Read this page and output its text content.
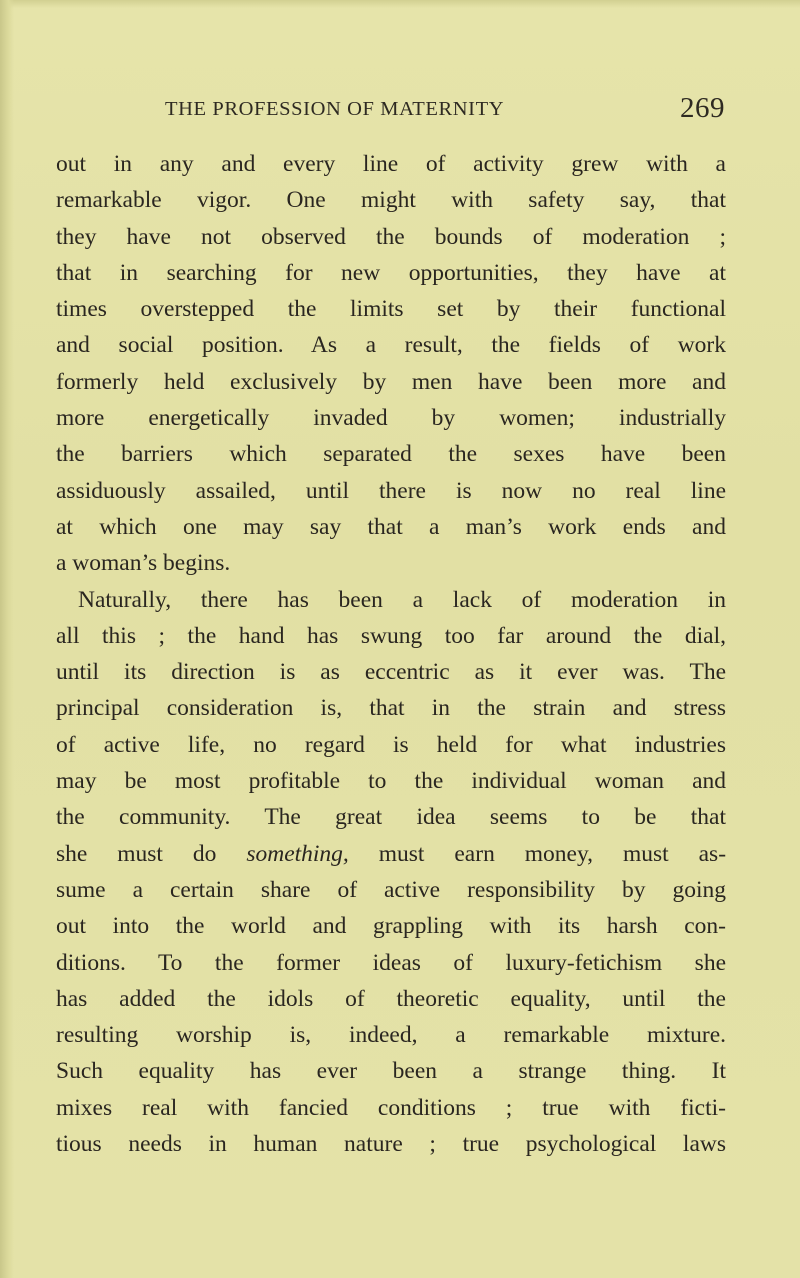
THE PROFESSION OF MATERNITY	269
out in any and every line of activity grew with a
remarkable vigor. One might with safety say, that
they have not observed the bounds of moderation ;
that in searching for new opportunities, they have at
times overstepped the limits set by their functional
and social position. As a result, the fields of work
formerly held exclusively by men have been more and
more energetically invaded by women; industrially
the barriers which separated the sexes have been
assiduously assailed, until there is now no real line
at which one may say that a man’s work ends and
a woman’s begins.
Naturally, there has been a lack of moderation in
all this ; the hand has swung too far around the dial,
until its direction is as eccentric as it ever was. The
principal consideration is, that in the strain and stress
of active life, no regard is held for what industries
may be most profitable to the individual woman and
the community. The great idea seems to be that
she must do something, must earn money, must as-
sume a certain share of active responsibility by going
out into the world and grappling with its harsh con-
ditions. To the former ideas of luxury-fetichism she
has added the idols of theoretic equality, until the
resulting worship is, indeed, a remarkable mixture.
Such equality has ever been a strange thing. It
mixes real with fancied conditions ; true with ficti-
tious needs in human nature ; true psychological laws
